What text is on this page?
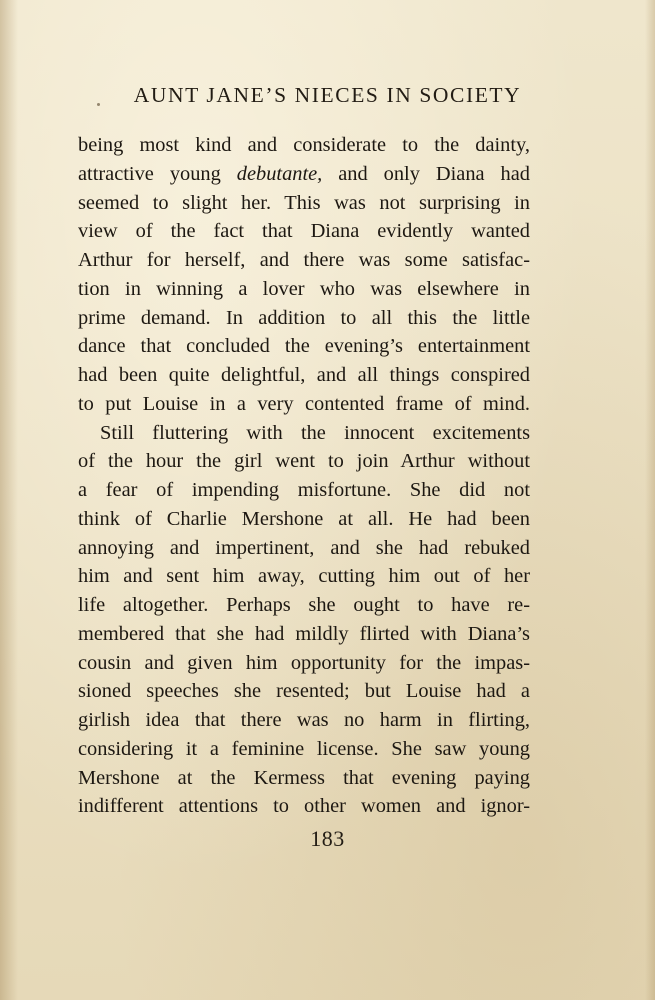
AUNT JANE’S NIECES IN SOCIETY
being most kind and considerate to the dainty,
attractive young debutante, and only Diana had
seemed to slight her. This was not surprising in
view of the fact that Diana evidently wanted
Arthur for herself, and there was some satisfac-
tion in winning a lover who was elsewhere in
prime demand. In addition to all this the little
dance that concluded the evening’s entertainment
had been quite delightful, and all things conspired
to put Louise in a very contented frame of mind.
Still fluttering with the innocent excitements
of the hour the girl went to join Arthur without
a fear of impending misfortune. She did not
think of Charlie Mershone at all. He had been
annoying and impertinent, and she had rebuked
him and sent him away, cutting him out of her
life altogether. Perhaps she ought to have re-
membered that she had mildly flirted with Diana’s
cousin and given him opportunity for the impas-
sioned speeches she resented; but Louise had a
girlish idea that there was no harm in flirting,
considering it a feminine license. She saw young
Mershone at the Kermess that evening paying
indifferent attentions to other women and ignor-
183
